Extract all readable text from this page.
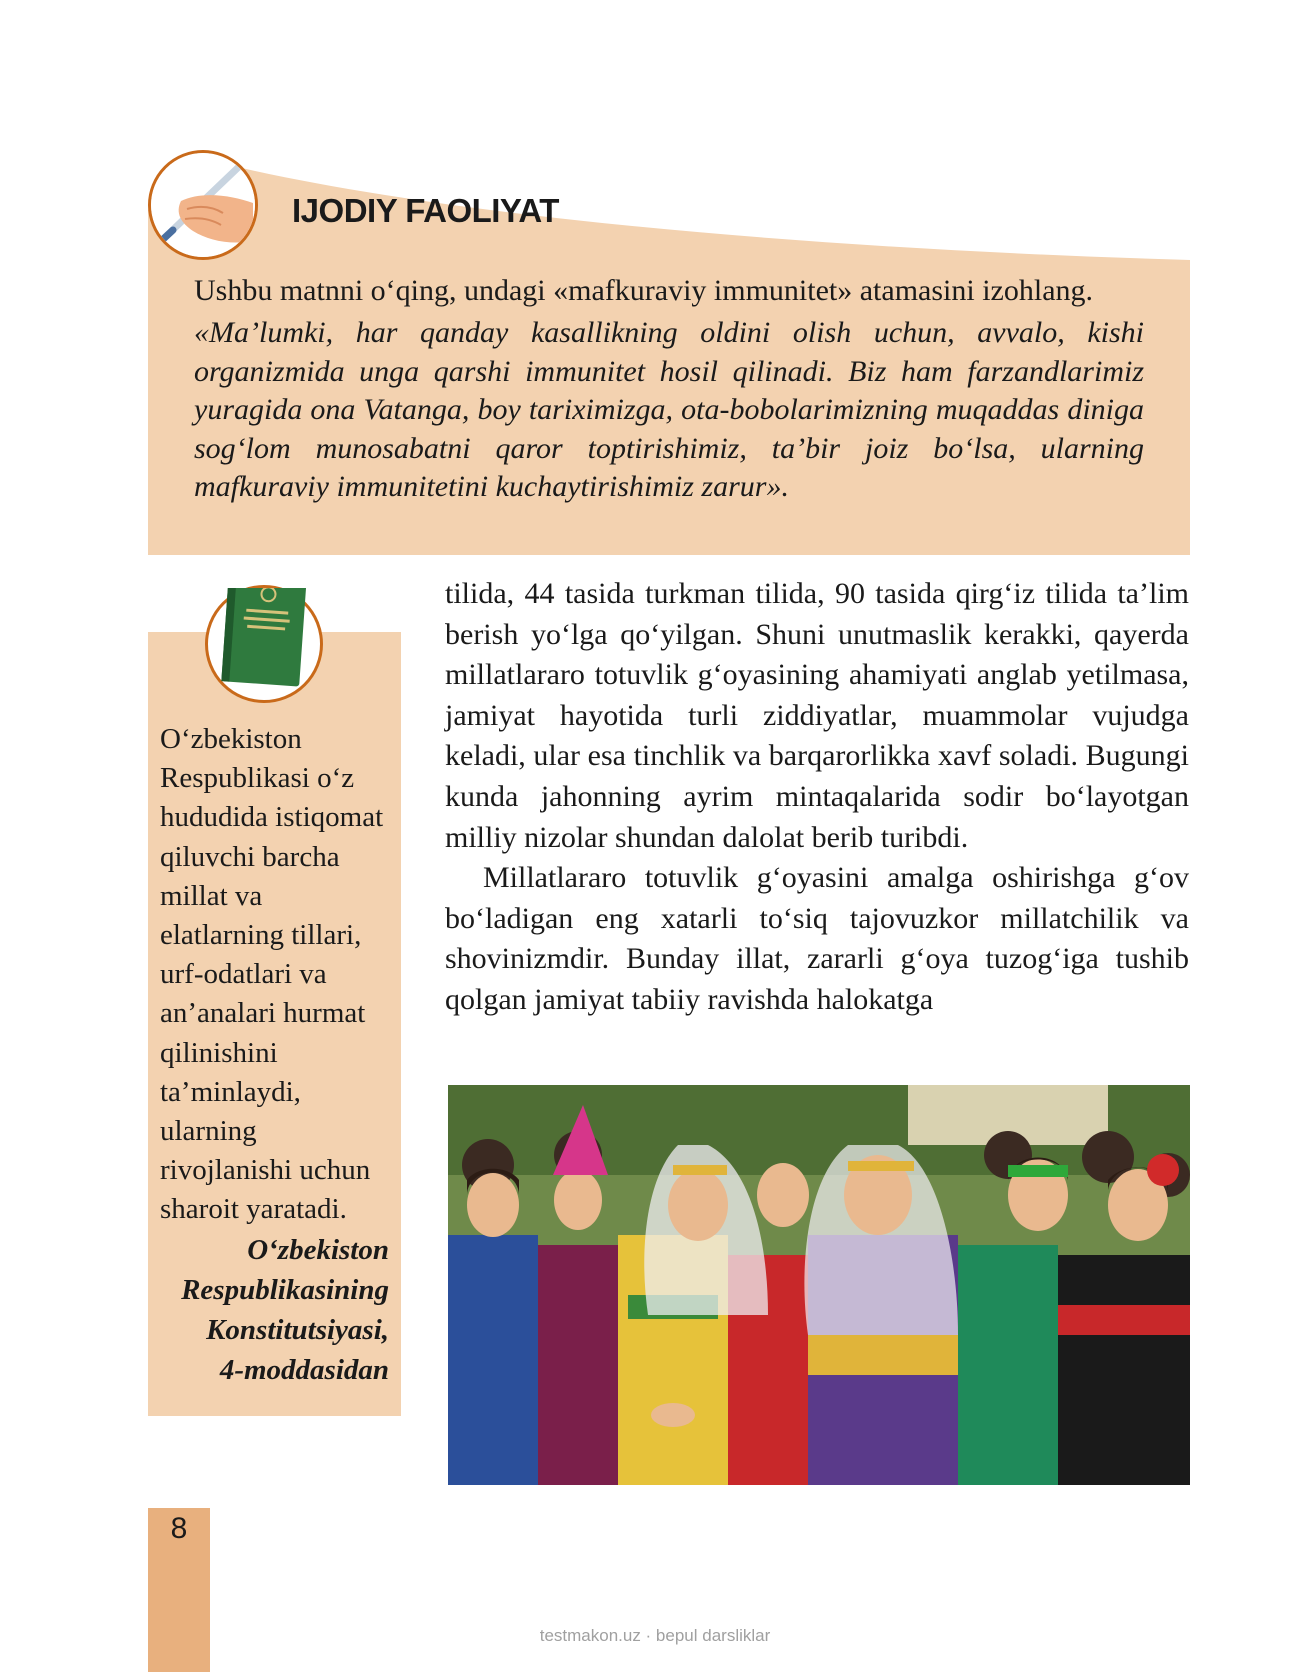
IJODIY FAOLIYAT

Ushbu matnni o‘qing, undagi «mafkuraviy immunitet» atamasini izohlang.

«Ma’lumki, har qanday kasallikning oldini olish uchun, avvalo, kishi organizmida unga qarshi immunitet hosil qilinadi. Biz ham farzandlarimiz yuragida ona Vatanga, boy tariximizga, ota-bobolarimizning muqaddas diniga sog‘lom munosabatni qaror toptirishimiz, ta’bir joiz bo‘lsa, ularning mafkuraviy immunitetini kuchaytirishimiz zarur».

O‘zbekiston Respublikasi o‘z hududida istiqomat qiluvchi barcha millat va elatlarning tillari, urf-odatlari va an’analari hurmat qilinishini ta’minlaydi, ularning rivojlanishi uchun sharoit yaratadi.

O‘zbekiston Respublikasining
Konstitutsiyasi,
4-moddasidan

tilida, 44 tasida turkman tilida, 90 tasida qirg‘iz tilida ta’lim berish yo‘lga qo‘yilgan. Shuni unutmaslik kerakki, qayerda millatlararo totuvlik g‘oyasining ahamiyati anglab yetilmasa, jamiyat hayotida turli ziddiyatlar, muammolar vujudga keladi, ular esa tinchlik va barqarorlikka xavf soladi. Bugungi kunda jahonning ayrim mintaqalarida sodir bo‘layotgan milliy nizolar shundan dalolat berib turibdi.

Millatlararo totuvlik g‘oyasini amalga oshirishga g‘ov bo‘ladigan eng xatarli to‘siq tajovuzkor millatchilik va shovinizmdir. Bunday illat, zararli g‘oya tuzog‘iga tushib qolgan jamiyat tabiiy ravishda halokatga

8
testmakon.uz · bepul darsliklar
